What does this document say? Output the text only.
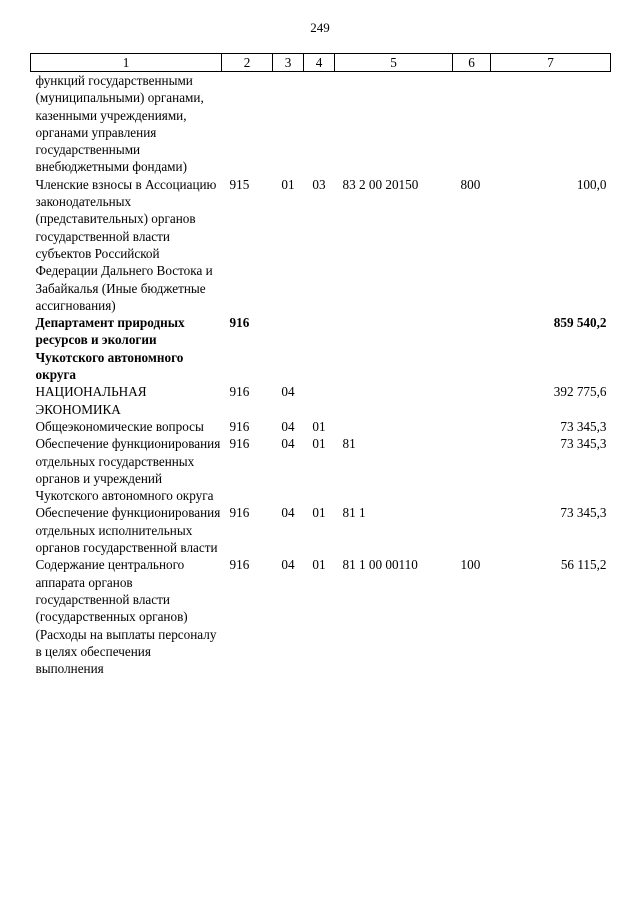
249
1	2	3	4	5	6	7
функций государственными (муниципальными) органами, казенными учреждениями, органами управления государственными внебюджетными фондами)						
Членские взносы в Ассоциацию законодательных (представительных) органов государственной власти субъектов Российской Федерации Дальнего Востока и Забайкалья (Иные бюджетные ассигнования)	915	01	03	83 2 00 20150	800	100,0
Департамент природных ресурсов и экологии Чукотского автономного округа	916					859 540,2
НАЦИОНАЛЬНАЯ ЭКОНОМИКА	916	04				392 775,6
Общеэкономические вопросы	916	04	01			73 345,3
Обеспечение функционирования отдельных государственных органов и учреждений Чукотского автономного округа	916	04	01	81		73 345,3
Обеспечение функционирования отдельных исполнительных органов государственной власти	916	04	01	81 1		73 345,3
Содержание центрального аппарата органов государственной власти (государственных органов) (Расходы на выплаты персоналу в целях обеспечения выполнения	916	04	01	81 1 00 00110	100	56 115,2
